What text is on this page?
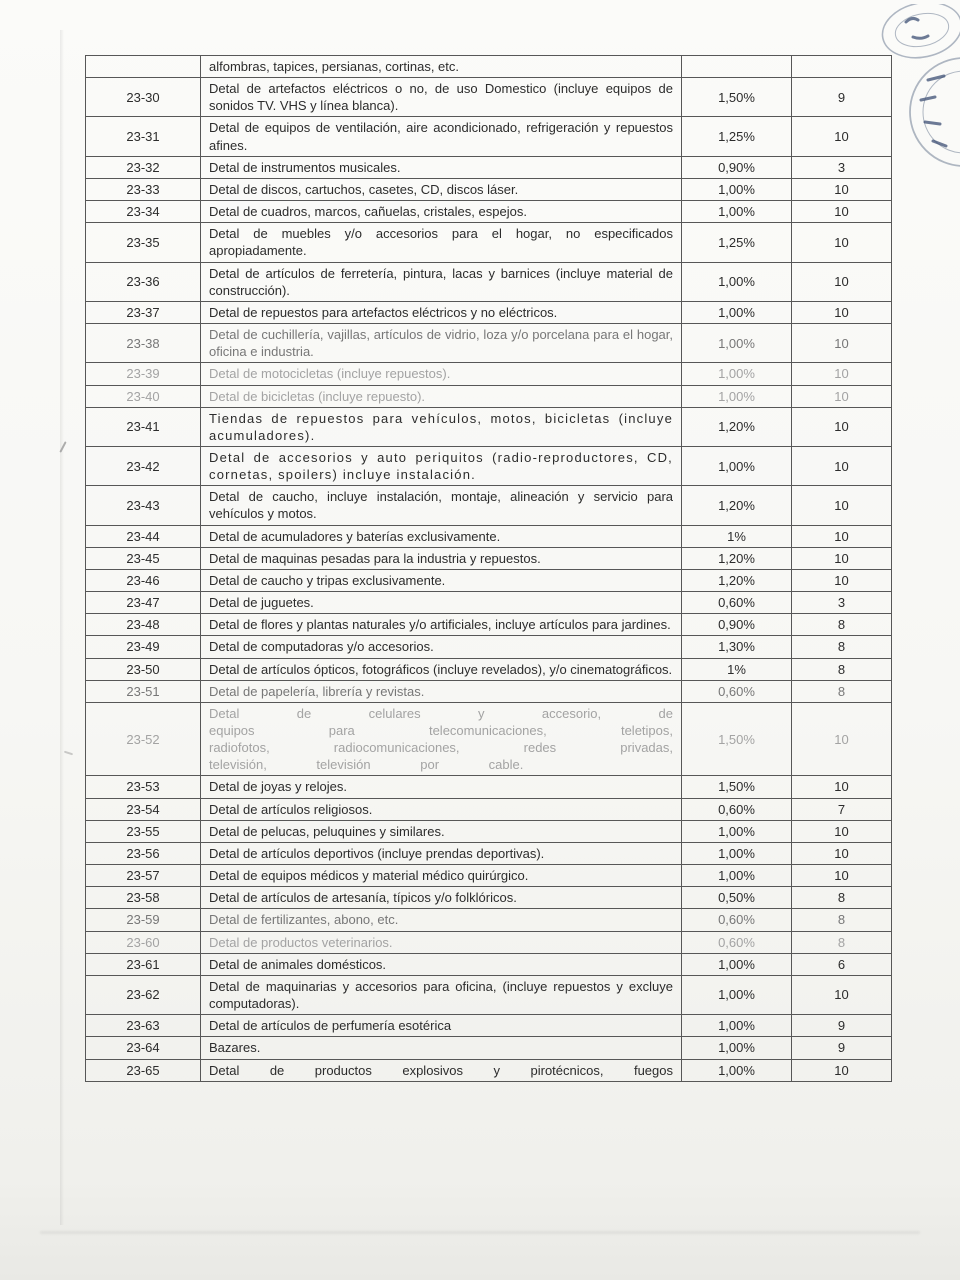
	alfombras, tapices, persianas, cortinas, etc.		
23-30	Detal de artefactos eléctricos o no, de uso Domestico (incluye equipos de sonidos TV. VHS y línea blanca).	1,50%	9
23-31	Detal de equipos de ventilación, aire acondicionado, refrigeración y repuestos afines.	1,25%	10
23-32	Detal de instrumentos musicales.	0,90%	3
23-33	Detal de discos, cartuchos, casetes, CD, discos láser.	1,00%	10
23-34	Detal de cuadros, marcos, cañuelas, cristales, espejos.	1,00%	10
23-35	Detal de muebles y/o accesorios para el hogar, no especificados apropiadamente.	1,25%	10
23-36	Detal de artículos de ferretería, pintura, lacas y barnices (incluye material de construcción).	1,00%	10
23-37	Detal de repuestos para artefactos eléctricos y no eléctricos.	1,00%	10
23-38	Detal de cuchillería, vajillas, artículos de vidrio, loza y/o porcelana para el hogar, oficina e industria.	1,00%	10
23-39	Detal de motocicletas (incluye repuestos).	1,00%	10
23-40	Detal de bicicletas (incluye repuesto).	1,00%	10
23-41	Tiendas de repuestos para vehículos, motos, bicicletas (incluye acumuladores).	1,20%	10
23-42	Detal de accesorios y auto periquitos (radio-reproductores, CD, cornetas, spoilers) incluye instalación.	1,00%	10
23-43	Detal de caucho, incluye instalación, montaje, alineación y servicio para vehículos y motos.	1,20%	10
23-44	Detal de acumuladores y baterías exclusivamente.	1%	10
23-45	Detal de maquinas pesadas para la industria y repuestos.	1,20%	10
23-46	Detal de caucho y tripas exclusivamente.	1,20%	10
23-47	Detal de juguetes.	0,60%	3
23-48	Detal de flores y plantas naturales y/o artificiales, incluye artículos para jardines.	0,90%	8
23-49	Detal de computadoras y/o accesorios.	1,30%	8
23-50	Detal de artículos ópticos, fotográficos (incluye revelados), y/o cinematográficos.	1%	8
23-51	Detal de papelería, librería y revistas.	0,60%	8
23-52	Detal de celulares y accesorio, de equipos para telecomunicaciones, teletipos, radiofotos, radiocomunicaciones, redes privadas, televisión, televisión por cable.	1,50%	10
23-53	Detal de joyas y relojes.	1,50%	10
23-54	Detal de artículos religiosos.	0,60%	7
23-55	Detal de pelucas, peluquines y similares.	1,00%	10
23-56	Detal de artículos deportivos (incluye prendas deportivas).	1,00%	10
23-57	Detal de equipos médicos y material médico quirúrgico.	1,00%	10
23-58	Detal de artículos de artesanía, típicos y/o folklóricos.	0,50%	8
23-59	Detal de fertilizantes, abono, etc.	0,60%	8
23-60	Detal de productos veterinarios.	0,60%	8
23-61	Detal de animales domésticos.	1,00%	6
23-62	Detal de maquinarias y accesorios para oficina, (incluye repuestos y excluye computadoras).	1,00%	10
23-63	Detal de artículos de perfumería esotérica	1,00%	9
23-64	Bazares.	1,00%	9
23-65	Detal de productos explosivos y pirotécnicos, fuegos	1,00%	10
